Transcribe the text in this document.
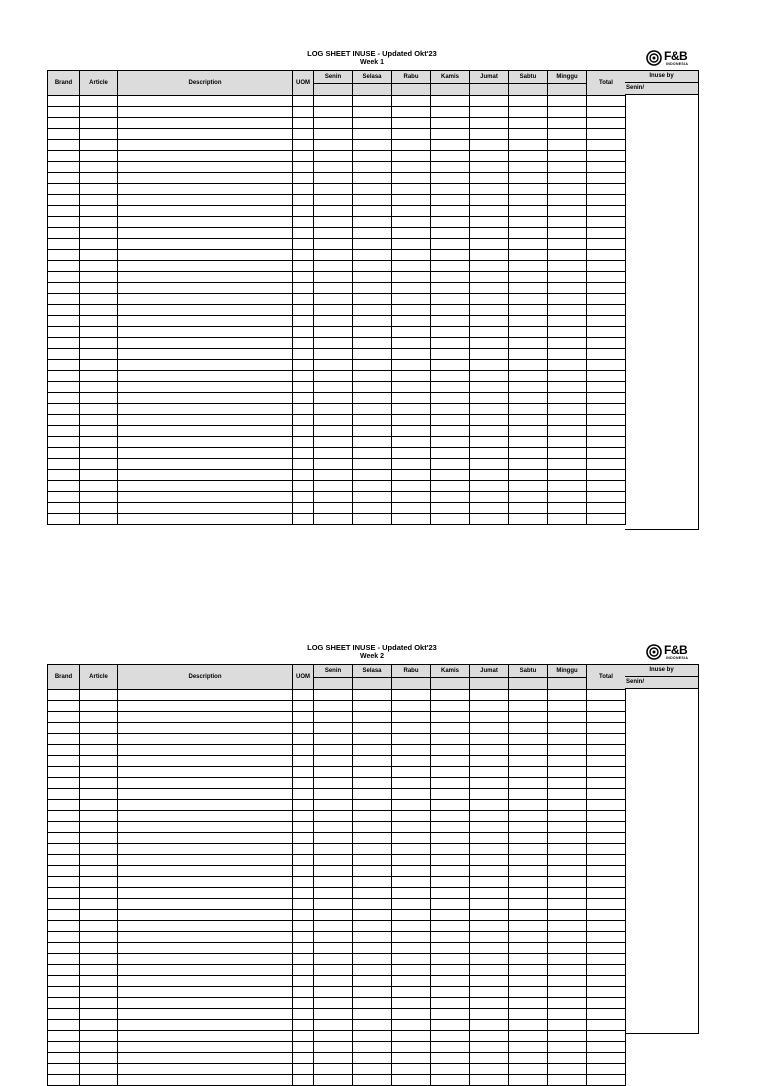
LOG SHEET INUSE - Updated Okt'23
Week 1	F&B
INDONESIA
Brand	Article	Description	UOM	Senin	Selasa	Rabu	Kamis	Jumat	Sabtu	Minggu	Total

Inuse by
Senin/
LOG SHEET INUSE - Updated Okt'23
Week 2	F&B
INDONESIA
Brand	Article	Description	UOM	Senin	Selasa	Rabu	Kamis	Jumat	Sabtu	Minggu	Total

Inuse by
Senin/
